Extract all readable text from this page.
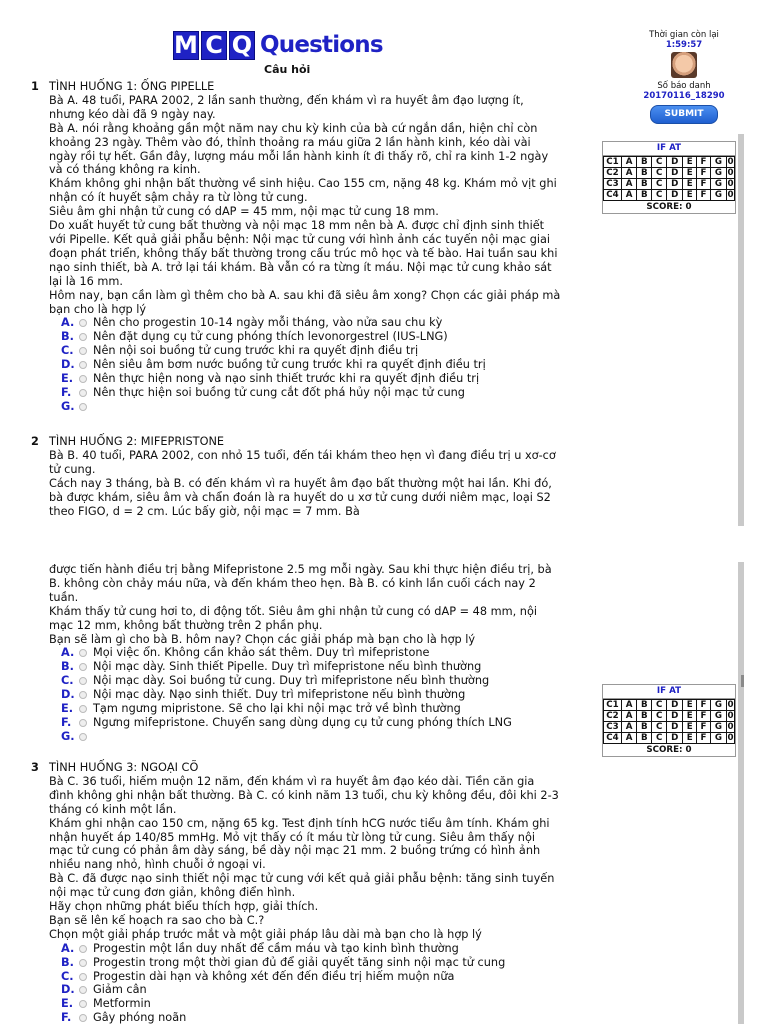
M C Q Questions
Câu hỏi
1 TÌNH HUỐNG 1: ỐNG PIPELLE
Bà A. 48 tuổi, PARA 2002, 2 lần sanh thường, đến khám vì ra huyết âm đạo lượng ít, nhưng kéo dài đã 9 ngày nay.
Bà A. nói rằng khoảng gần một năm nay chu kỳ kinh của bà cứ ngắn dần, hiện chỉ còn khoảng 23 ngày. Thêm vào đó, thỉnh thoảng ra máu giữa 2 lần hành kinh, kéo dài vài ngày rồi tự hết. Gần đây, lượng máu mỗi lần hành kinh ít đi thấy rõ, chỉ ra kinh 1-2 ngày và có tháng không ra kinh.
Khám không ghi nhận bất thường về sinh hiệu. Cao 155 cm, nặng 48 kg. Khám mỏ vịt ghi nhận có ít huyết sậm chảy ra từ lòng tử cung.
Siêu âm ghi nhận tử cung có dAP = 45 mm, nội mạc tử cung 18 mm.
Do xuất huyết tử cung bất thường và nội mạc 18 mm nên bà A. được chỉ định sinh thiết với Pipelle. Kết quả giải phẫu bệnh: Nội mạc tử cung với hình ảnh các tuyến nội mạc giai đoạn phát triển, không thấy bất thường trong cấu trúc mô học và tế bào. Hai tuần sau khi nạo sinh thiết, bà A. trở lại tái khám. Bà vẫn có ra từng ít máu. Nội mạc tử cung khảo sát lại là 16 mm.
Hôm nay, bạn cần làm gì thêm cho bà A. sau khi đã siêu âm xong? Chọn các giải pháp mà bạn cho là hợp lý
A.	Nên cho progestin 10-14 ngày mỗi tháng, vào nửa sau chu kỳ
B.	Nên đặt dụng cụ tử cung phóng thích levonorgestrel (IUS-LNG)
C.	Nên nội soi buồng tử cung trước khi ra quyết định điều trị
D.	Nên siêu âm bơm nước buồng tử cung trước khi ra quyết định điều trị
E.	Nên thực hiện nong và nạo sinh thiết trước khi ra quyết định điều trị
F.	Nên thực hiện soi buồng tử cung cắt đốt phá hủy nội mạc tử cung
G.
2 TÌNH HUỐNG 2: MIFEPRISTONE
Bà B. 40 tuổi, PARA 2002, con nhỏ 15 tuổi, đến tái khám theo hẹn vì đang điều trị u xơ-cơ tử cung.
Cách nay 3 tháng, bà B. có đến khám vì ra huyết âm đạo bất thường một hai lần. Khi đó, bà được khám, siêu âm và chẩn đoán là ra huyết do u xơ tử cung dưới niêm mạc, loại S2 theo FIGO, d = 2 cm. Lúc bấy giờ, nội mạc = 7 mm. Bà
được tiến hành điều trị bằng Mifepristone 2.5 mg mỗi ngày. Sau khi thực hiện điều trị, bà B. không còn chảy máu nữa, và đến khám theo hẹn. Bà B. có kinh lần cuối cách nay 2 tuần.
Khám thấy tử cung hơi to, di động tốt. Siêu âm ghi nhận tử cung có dAP = 48 mm, nội mạc 12 mm, không bất thường trên 2 phần phụ.
Bạn sẽ làm gì cho bà B. hôm nay? Chọn các giải pháp mà bạn cho là hợp lý
A.	Mọi việc ổn. Không cần khảo sát thêm. Duy trì mifepristone
B.	Nội mạc dày. Sinh thiết Pipelle. Duy trì mifepristone nếu bình thường
C.	Nội mạc dày. Soi buồng tử cung. Duy trì mifepristone nếu bình thường
D.	Nội mạc dày. Nạo sinh thiết. Duy trì mifepristone nếu bình thường
E.	Tạm ngưng mipristone. Sẽ cho lại khi nội mạc trở về bình thường
F.	Ngưng mifepristone. Chuyển sang dùng dụng cụ tử cung phóng thích LNG
G.
3 TÌNH HUỐNG 3: NGOẠI CÕ
Bà C. 36 tuổi, hiếm muộn 12 năm, đến khám vì ra huyết âm đạo kéo dài. Tiền căn gia đình không ghi nhận bất thường. Bà C. có kinh năm 13 tuổi, chu kỳ không đều, đôi khi 2-3 tháng có kinh một lần.
Khám ghi nhận cao 150 cm, nặng 65 kg. Test định tính hCG nước tiểu âm tính. Khám ghi nhận huyết áp 140/85 mmHg. Mỏ vịt thấy có ít máu từ lòng tử cung. Siêu âm thấy nội mạc tử cung có phản âm dày sáng, bề dày nội mạc 21 mm. 2 buồng trứng có hình ảnh nhiều nang nhỏ, hình chuỗi ở ngoại vi.
Bà C. đã được nạo sinh thiết nội mạc tử cung với kết quả giải phẫu bệnh: tăng sinh tuyến nội mạc tử cung đơn giản, không điển hình.
Hãy chọn những phát biểu thích hợp, giải thích.
Bạn sẽ lên kế hoạch ra sao cho bà C.?
Chọn một giải pháp trước mắt và một giải pháp lâu dài mà bạn cho là hợp lý
A.	Progestin một lần duy nhất để cầm máu và tạo kinh bình thường
B.	Progestin trong một thời gian đủ để giải quyết tăng sinh nội mạc tử cung
C.	Progestin dài hạn và không xét đến đến điều trị hiếm muộn nữa
D.	Giảm cân
E.	Metformin
F.	Gây phóng noãn
Thời gian còn lại
1:59:57
Số báo danh
20170116_18290
SUBMIT
IF AT
C1	A	B	C	D	E	F	G	0
C2	A	B	C	D	E	F	G	0
C3	A	B	C	D	E	F	G	0
C4	A	B	C	D	E	F	G	0
SCORE: 0
IF AT
C1	A	B	C	D	E	F	G	0
C2	A	B	C	D	E	F	G	0
C3	A	B	C	D	E	F	G	0
C4	A	B	C	D	E	F	G	0
SCORE: 0
